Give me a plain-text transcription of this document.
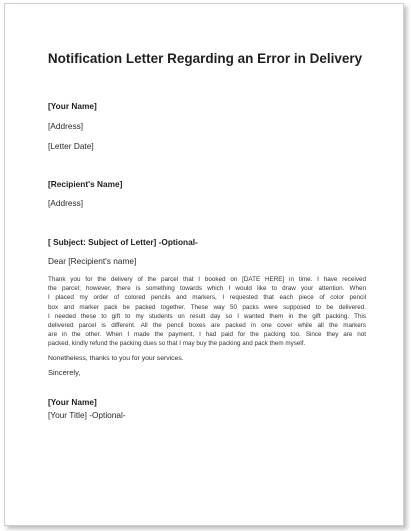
Notification Letter Regarding an Error in Delivery
[Your Name]
[Address]
[Letter Date]
[Recipient's Name]
[Address]
[ Subject: Subject of Letter] -Optional-
Dear [Recipient's name]
Thank you for the delivery of the parcel that I booked on [DATE HERE] in time. I have received
the parcel; however, there is something towards which I would like to draw your attention. When
I placed my order of colored pencils and markers, I requested that each piece of color pencil
box and marker pack be packed together. These way 50 packs were supposed to be delivered.
I needed these to gift to my students on result day so I wanted them in the gift packing. This
delivered parcel is different. All the pencil boxes are packed in one cover while all the markers
are in the other. When I made the payment, I had paid for the packing too. Since they are not
packed, kindly refund the packing dues so that I may buy the packing and pack them myself.
Nonetheless, thanks to you for your services.
Sincerely,
[Your Name]
[Your Title] -Optional-
